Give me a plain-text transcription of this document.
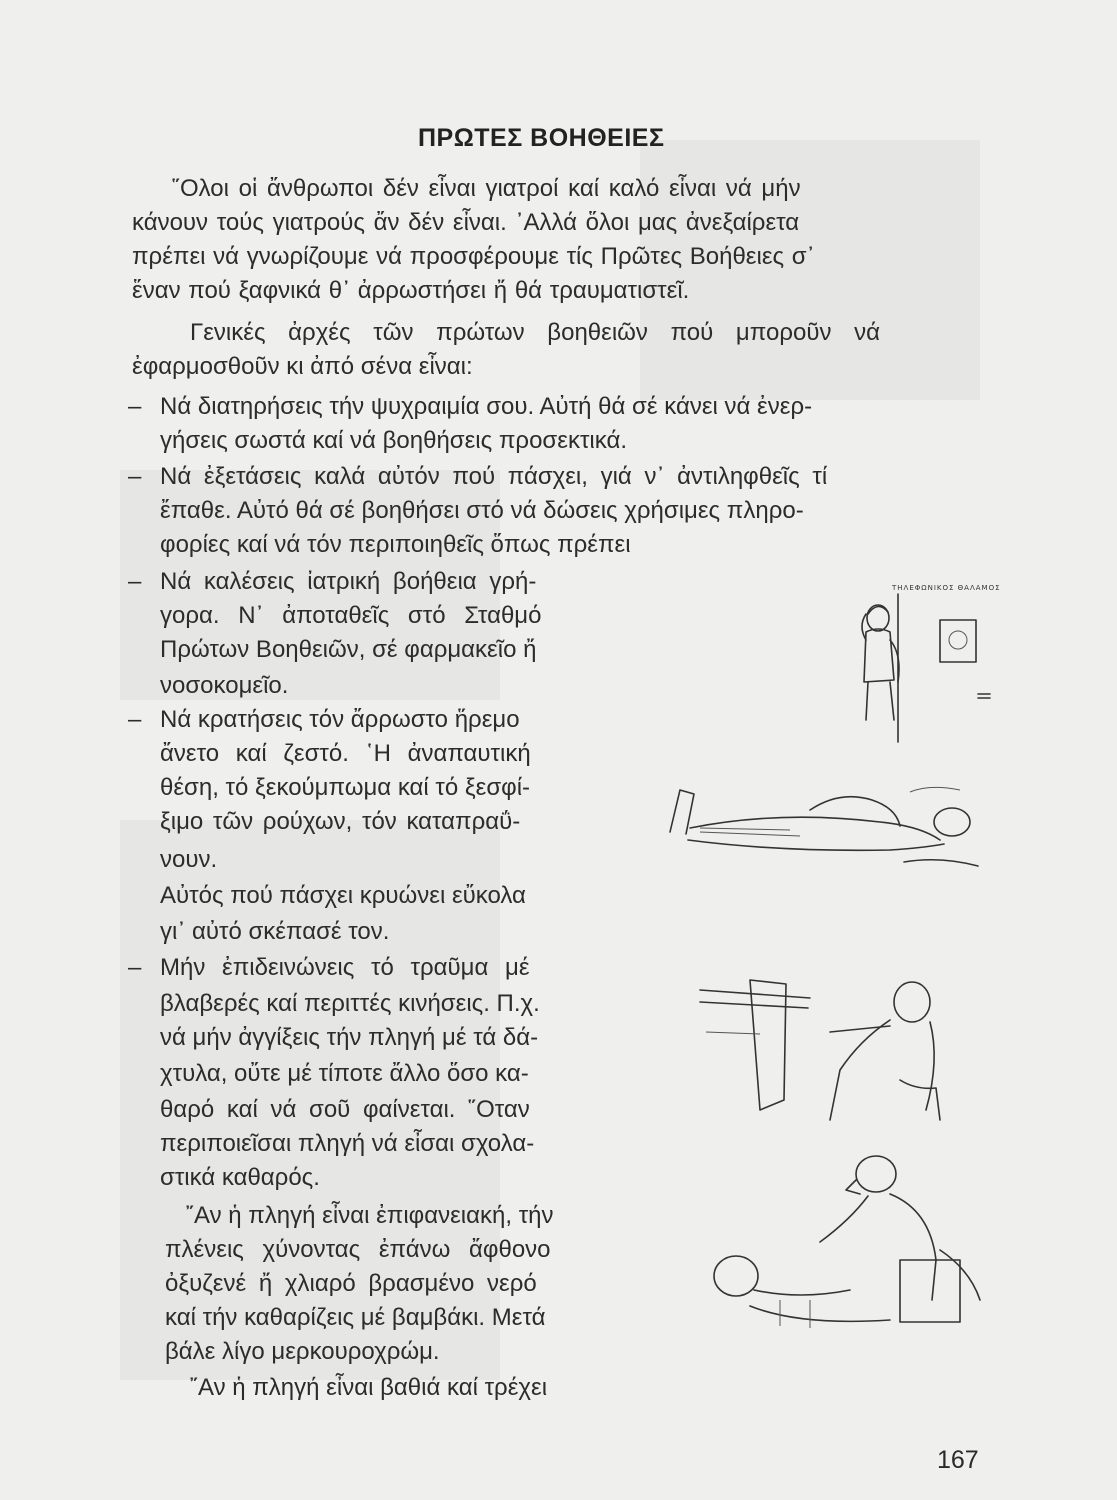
ΠΡΩΤΕΣ ΒΟΗΘΕΙΕΣ
῞Ολοι οἱ ἄνθρωποι δέν εἶναι γιατροί καί καλό εἶναι νά μήν
κάνουν τούς γιατρούς ἄν δέν εἶναι. ᾿Αλλά ὅλοι μας ἀνεξαίρετα
πρέπει νά γνωρίζουμε νά προσφέρουμε τίς Πρῶτες Βοήθειες σ᾿
ἕναν πού ξαφνικά θ᾿ ἀρρωστήσει ἤ θά τραυματιστεῖ.
Γενικές ἀρχές τῶν πρώτων βοηθειῶν πού μποροῦν νά
ἐφαρμοσθοῦν κι ἀπό σένα εἶναι:
– Νά διατηρήσεις τήν ψυχραιμία σου. Αὐτή θά σέ κάνει νά ἐνερ-
γήσεις σωστά καί νά βοηθήσεις προσεκτικά.
– Νά ἐξετάσεις καλά αὐτόν πού πάσχει, γιά ν᾿ ἀντιληφθεῖς τί
ἔπαθε. Αὐτό θά σέ βοηθήσει στό νά δώσεις χρήσιμες πληρο-
φορίες καί νά τόν περιποιηθεῖς ὅπως πρέπει
– Νά καλέσεις ἰατρική βοήθεια γρή-
γορα. Ν᾿ ἀποταθεῖς στό Σταθμό
Πρώτων Βοηθειῶν, σέ φαρμακεῖο ἤ
νοσοκομεῖο.
– Νά κρατήσεις τόν ἄρρωστο ἥρεμο
ἄνετο καί ζεστό. ῾Η ἀναπαυτική
θέση, τό ξεκούμπωμα καί τό ξεσφί-
ξιμο τῶν ρούχων, τόν καταπραΰ-
νουν.
Αὐτός πού πάσχει κρυώνει εὔκολα
γι᾿ αὐτό σκέπασέ τον.
– Μήν ἐπιδεινώνεις τό τραῦμα μέ
βλαβερές καί περιττές κινήσεις. Π.χ.
νά μήν ἀγγίξεις τήν πληγή μέ τά δά-
χτυλα, οὔτε μέ τίποτε ἄλλο ὅσο κα-
θαρό καί νά σοῦ φαίνεται. ῞Οταν
περιποιεῖσαι πληγή νά εἶσαι σχολα-
στικά καθαρός.
῎Αν ἡ πληγή εἶναι ἐπιφανειακή, τήν
πλένεις χύνοντας ἐπάνω ἄφθονο
ὀξυζενέ ἤ χλιαρό βρασμένο νερό
καί τήν καθαρίζεις μέ βαμβάκι. Μετά
βάλε λίγο μερκουροχρώμ.
῎Αν ἡ πληγή εἶναι βαθιά καί τρέχει
ΤΗΛΕΦΩΝΙΚΟΣ ΘΑΛΑΜΟΣ
167
